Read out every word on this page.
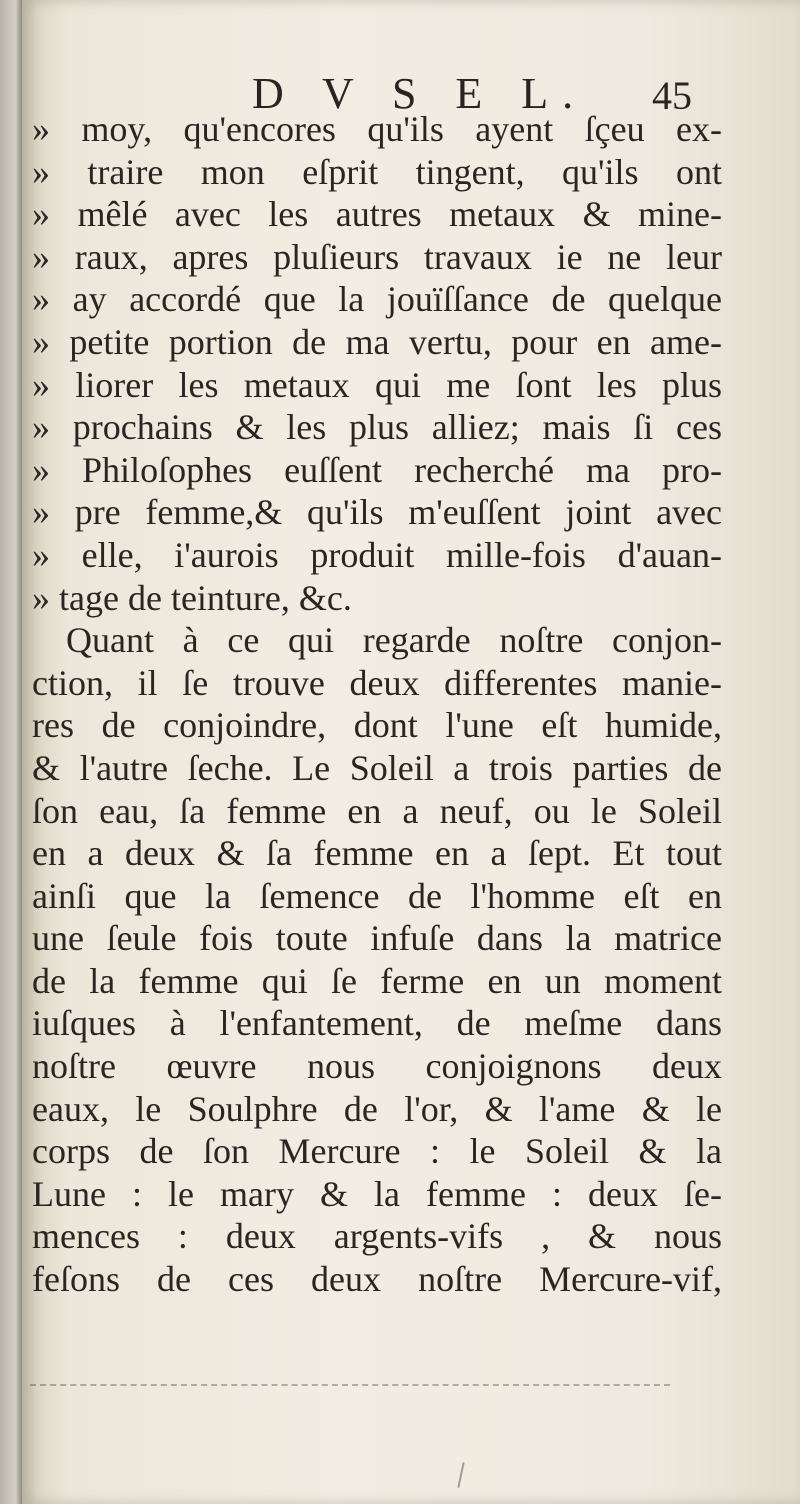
D V S E L. 45
» moy, qu'encores qu'ils ayent ſçeu ex-
» traire mon eſprit tingent, qu'ils ont
» mêlé avec les autres metaux & mine-
» raux, apres pluſieurs travaux ie ne leur
» ay accordé que la jouïſſance de quelque
» petite portion de ma vertu, pour en ame-
» liorer les metaux qui me ſont les plus
» prochains & les plus alliez; mais ſi ces
» Philoſophes euſſent recherché ma pro-
» pre femme,& qu'ils m'euſſent joint avec
» elle, i'aurois produit mille-fois d'auan-
» tage de teinture, &c.
Quant à ce qui regarde noſtre conjon-
ction, il ſe trouve deux differentes manie-
res de conjoindre, dont l'une eſt humide,
& l'autre ſeche. Le Soleil a trois parties de
ſon eau, ſa femme en a neuf, ou le Soleil
en a deux & ſa femme en a ſept. Et tout
ainſi que la ſemence de l'homme eſt en
une ſeule fois toute infuſe dans la matrice
de la femme qui ſe ferme en un moment
iuſques à l'enfantement, de meſme dans
noſtre œuvre nous conjoignons deux
eaux, le Soulphre de l'or, & l'ame & le
corps de ſon Mercure : le Soleil & la
Lune : le mary & la femme : deux ſe-
mences : deux argents-vifs , & nous
feſons de ces deux noſtre Mercure-vif,
